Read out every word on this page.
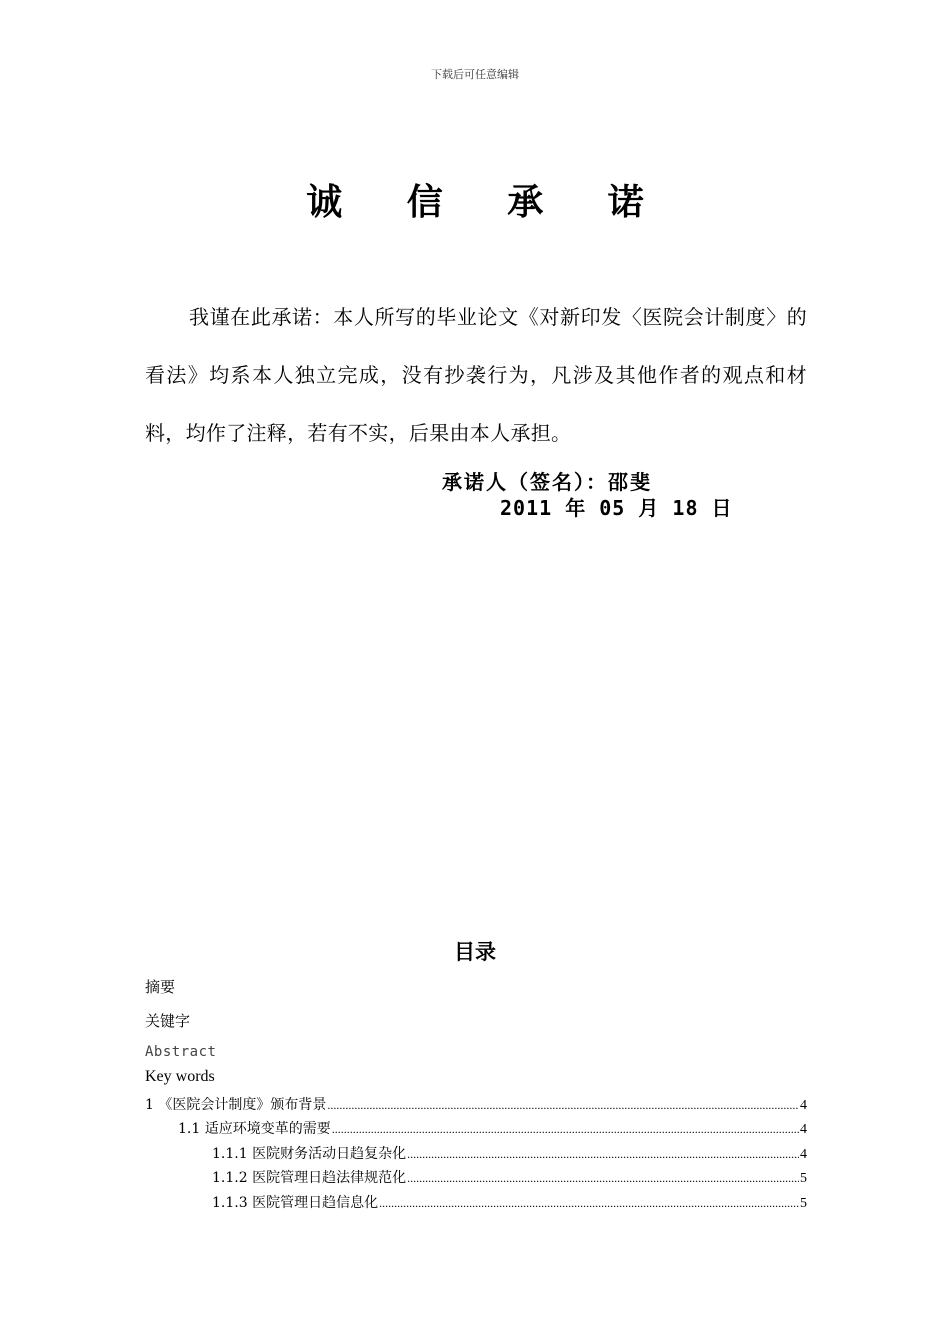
下载后可任意编辑
诚 信 承 诺
我谨在此承诺：本人所写的毕业论文《对新印发〈医院会计制度〉的看法》均系本人独立完成，没有抄袭行为，凡涉及其他作者的观点和材料，均作了注释，若有不实，后果由本人承担。
承诺人（签名）：邵斐
2011 年 05 月 18 日
目录
摘要
关键字
Abstract
Key words
1 《医院会计制度》颁布背景 .....	4
1.1 适应环境变革的需要 .....	4
1.1.1 医院财务活动日趋复杂化 .....	4
1.1.2 医院管理日趋法律规范化 .....	5
1.1.3 医院管理日趋信息化 .....	5
